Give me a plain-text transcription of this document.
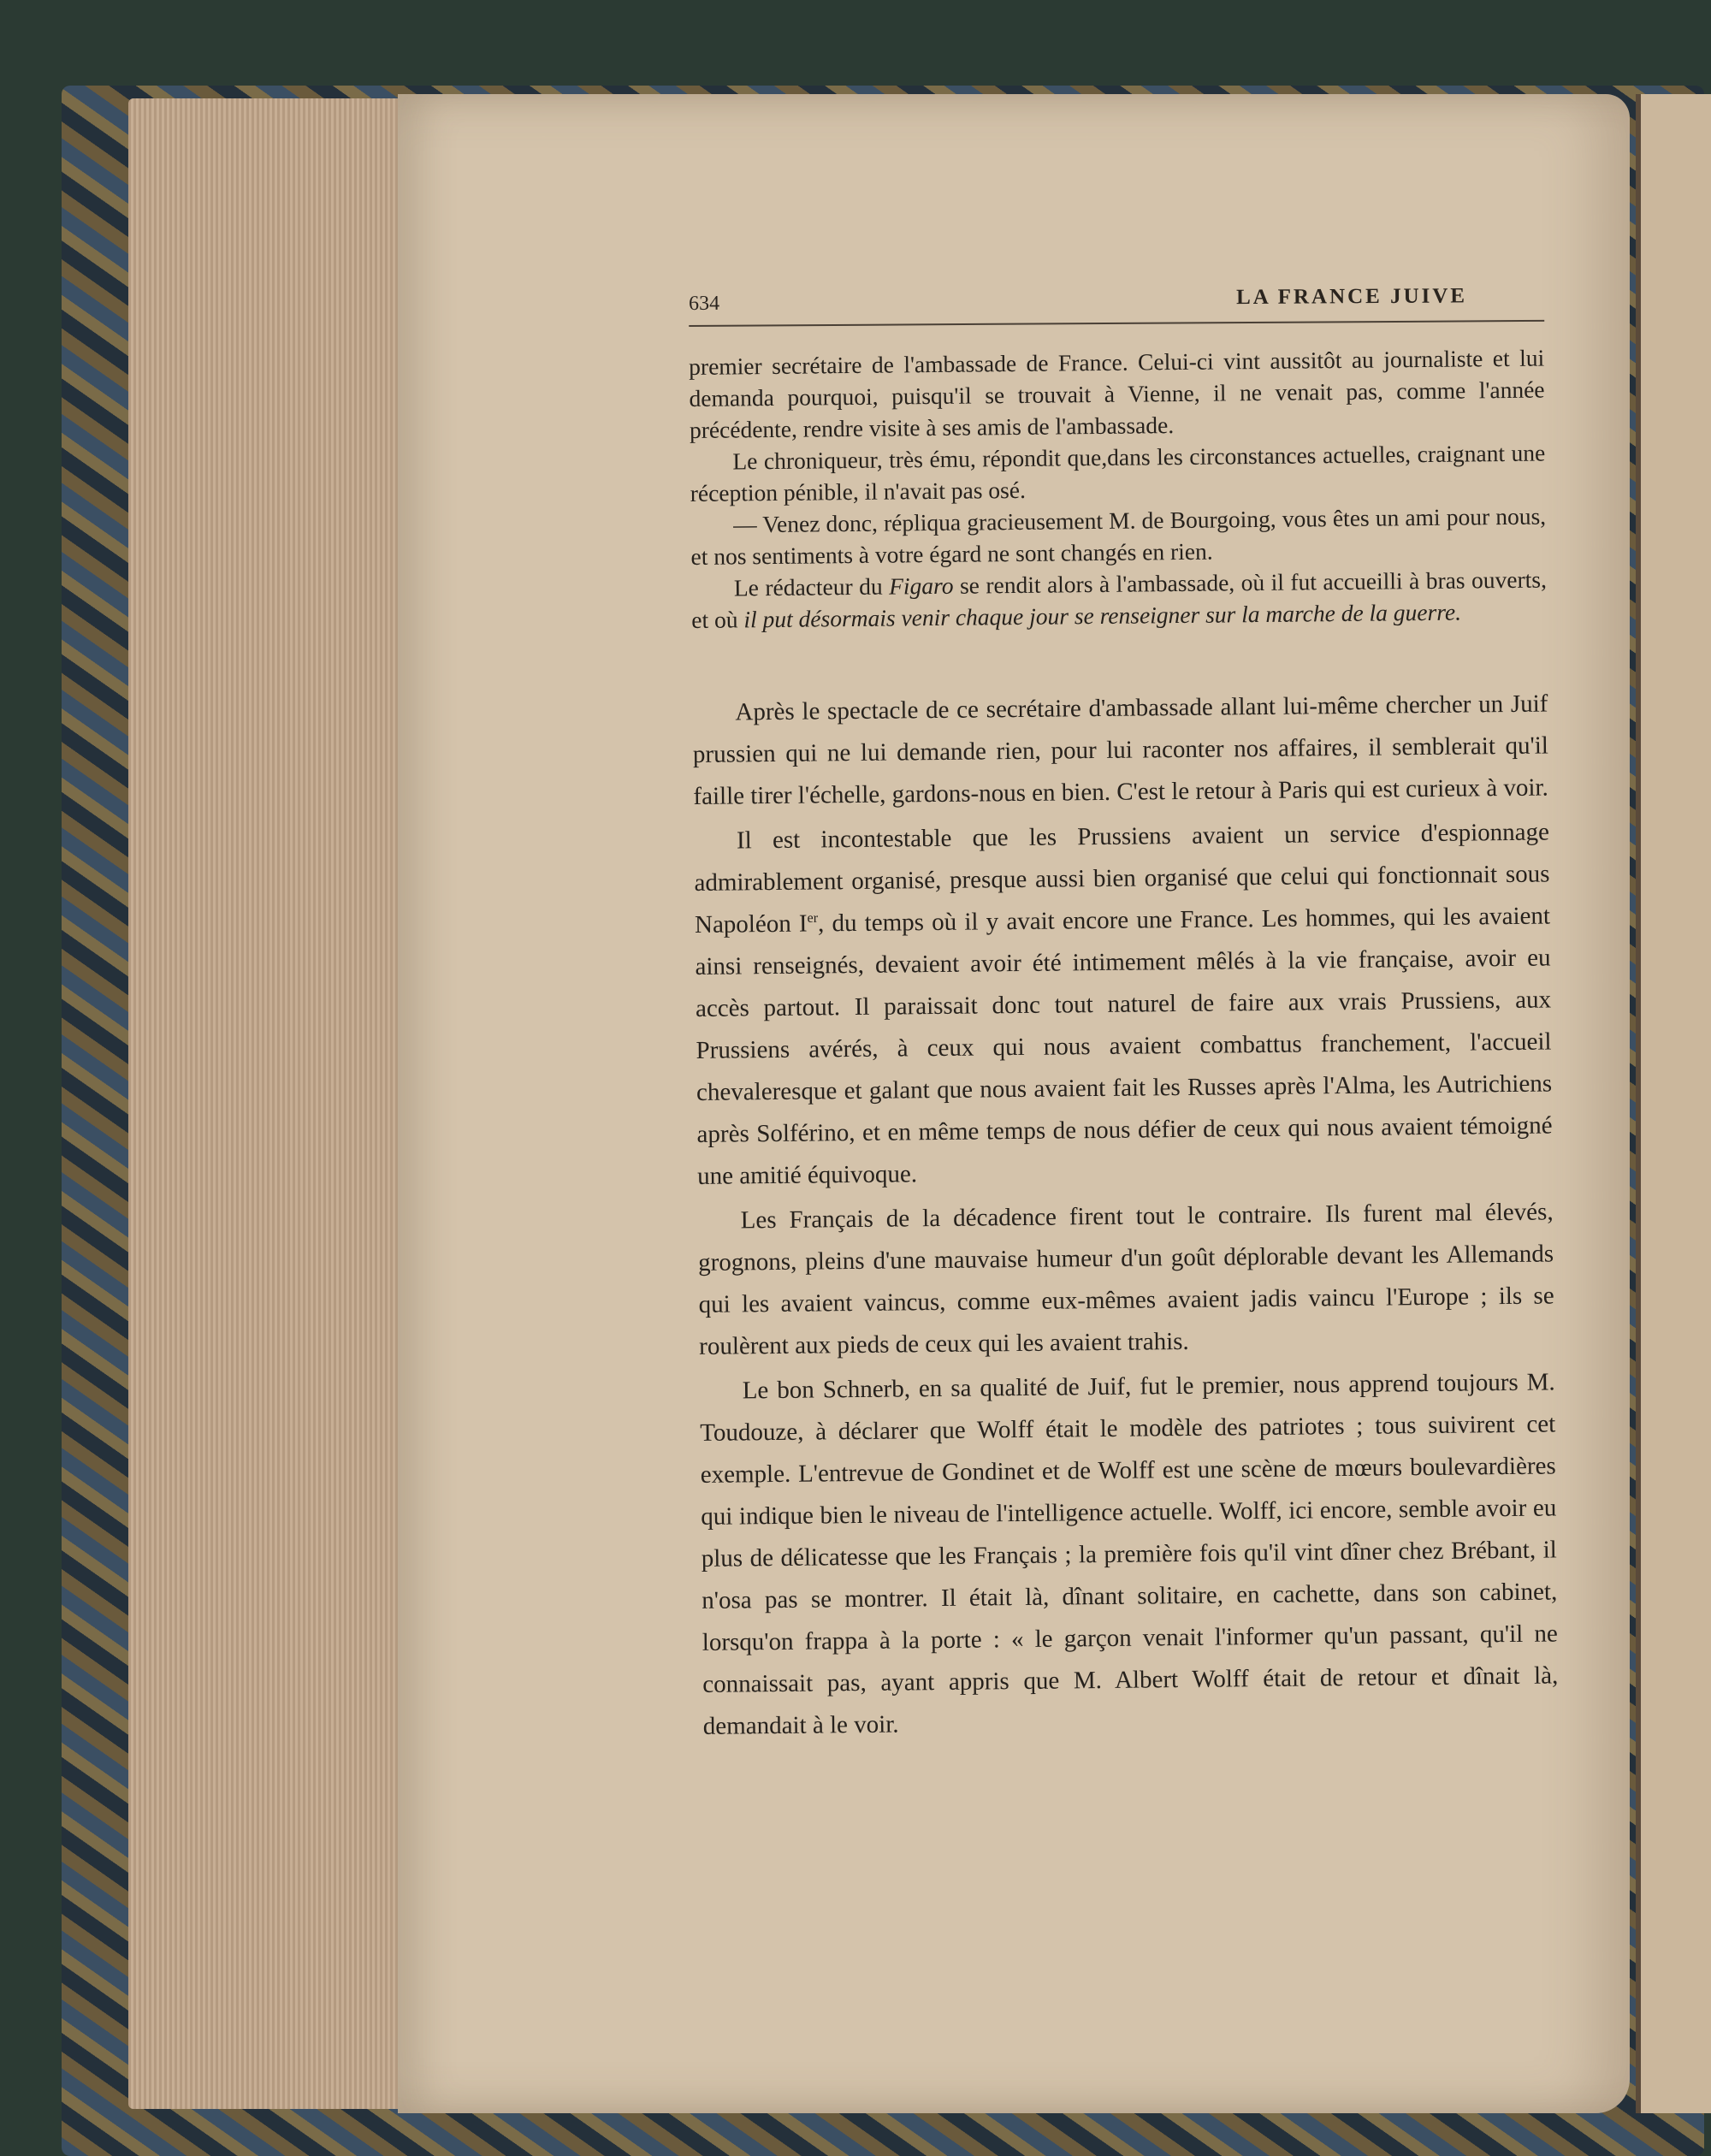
634	LA FRANCE JUIVE

premier secrétaire de l'ambassade de France. Celui-ci vint aussitôt au journaliste et lui demanda pourquoi, puisqu'il se trouvait à Vienne, il ne venait pas, comme l'année précédente, rendre visite à ses amis de l'ambassade.

Le chroniqueur, très ému, répondit que,dans les circonstances actuelles, craignant une réception pénible, il n'avait pas osé.

— Venez donc, répliqua gracieusement M. de Bourgoing, vous êtes un ami pour nous, et nos sentiments à votre égard ne sont changés en rien.

Le rédacteur du Figaro se rendit alors à l'ambassade, où il fut accueilli à bras ouverts, et où il put désormais venir chaque jour se renseigner sur la marche de la guerre.

Après le spectacle de ce secrétaire d'ambassade allant lui-même chercher un Juif prussien qui ne lui demande rien, pour lui raconter nos affaires, il semblerait qu'il faille tirer l'échelle, gardons-nous en bien. C'est le retour à Paris qui est curieux à voir.

Il est incontestable que les Prussiens avaient un service d'espionnage admirablement organisé, presque aussi bien organisé que celui qui fonctionnait sous Napoléon Ier, du temps où il y avait encore une France. Les hommes, qui les avaient ainsi renseignés, devaient avoir été intimement mêlés à la vie française, avoir eu accès partout. Il paraissait donc tout naturel de faire aux vrais Prussiens, aux Prussiens avérés, à ceux qui nous avaient combattus franchement, l'accueil chevaleresque et galant que nous avaient fait les Russes après l'Alma, les Autrichiens après Solférino, et en même temps de nous défier de ceux qui nous avaient témoigné une amitié équivoque.

Les Français de la décadence firent tout le contraire. Ils furent mal élevés, grognons, pleins d'une mauvaise humeur d'un goût déplorable devant les Allemands qui les avaient vaincus, comme eux-mêmes avaient jadis vaincu l'Europe ; ils se roulèrent aux pieds de ceux qui les avaient trahis.

Le bon Schnerb, en sa qualité de Juif, fut le premier, nous apprend toujours M. Toudouze, à déclarer que Wolff était le modèle des patriotes ; tous suivirent cet exemple. L'entrevue de Gondinet et de Wolff est une scène de mœurs boulevardières qui indique bien le niveau de l'intelligence actuelle. Wolff, ici encore, semble avoir eu plus de délicatesse que les Français ; la première fois qu'il vint dîner chez Brébant, il n'osa pas se montrer. Il était là, dînant solitaire, en cachette, dans son cabinet, lorsqu'on frappa à la porte : « le garçon venait l'informer qu'un passant, qu'il ne connaissait pas, ayant appris que M. Albert Wolff était de retour et dînait là, demandait à le voir.
